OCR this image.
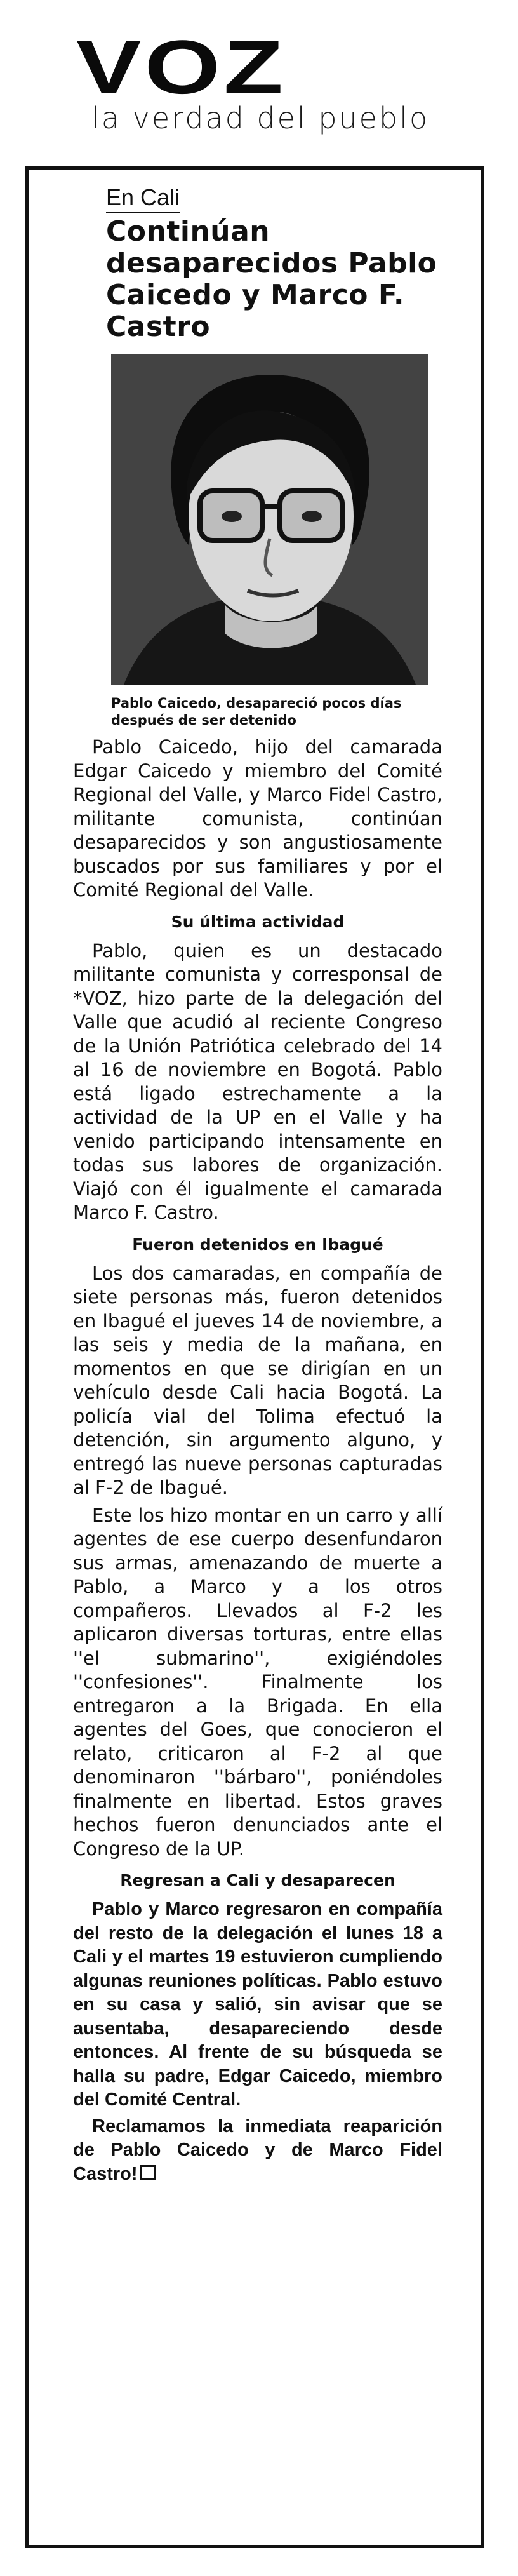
VOZ
la verdad del pueblo
En Cali
Continúan desaparecidos Pablo Caicedo y Marco F. Castro
Pablo Caicedo, desapareció pocos días después de ser detenido

Pablo Caicedo, hijo del camarada Edgar Caicedo y miembro del Comité Regional del Valle, y Marco Fidel Castro, militante comunista, continúan desaparecidos y son angustiosamente buscados por sus familiares y por el Comité Regional del Valle.

Su última actividad

Pablo, quien es un destacado militante comunista y corresponsal de *VOZ, hizo parte de la delegación del Valle que acudió al reciente Congreso de la Unión Patriótica celebrado del 14 al 16 de noviembre en Bogotá. Pablo está ligado estrechamente a la actividad de la UP en el Valle y ha venido participando intensamente en todas sus labores de organización. Viajó con él igualmente el camarada Marco F. Castro.

Fueron detenidos en Ibagué

Los dos camaradas, en compañía de siete personas más, fueron detenidos en Ibagué el jueves 14 de noviembre, a las seis y media de la mañana, en momentos en que se dirigían en un vehículo desde Cali hacia Bogotá. La policía vial del Tolima efectuó la detención, sin argumento alguno, y entregó las nueve personas capturadas al F-2 de Ibagué.

Este los hizo montar en un carro y allí agentes de ese cuerpo desenfundaron sus armas, amenazando de muerte a Pablo, a Marco y a los otros compañeros. Llevados al F-2 les aplicaron diversas torturas, entre ellas ''el submarino'', exigiéndoles ''confesiones''. Finalmente los entregaron a la Brigada. En ella agentes del Goes, que conocieron el relato, criticaron al F-2 al que denominaron ''bárbaro'', poniéndoles finalmente en libertad. Estos graves hechos fueron denunciados ante el Congreso de la UP.

Regresan a Cali y desaparecen

Pablo y Marco regresaron en compañía del resto de la delegación el lunes 18 a Cali y el martes 19 estuvieron cumpliendo algunas reuniones políticas. Pablo estuvo en su casa y salió, sin avisar que se ausentaba, desapareciendo desde entonces. Al frente de su búsqueda se halla su padre, Edgar Caicedo, miembro del Comité Central.

Reclamamos la inmediata reaparición de Pablo Caicedo y de Marco Fidel Castro!
